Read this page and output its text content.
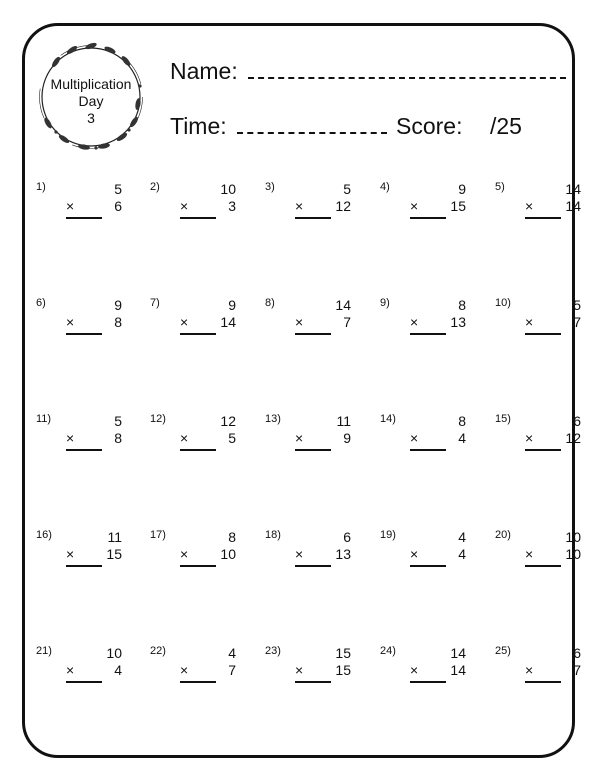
Multiplication
Day
3
Name:
Time:	Score: /25
1)	5
×	6
2)	10
×	3
3)	5
× 12
4)	9
× 15
5)	14
× 14
6)	9
×	8
7)	9
× 14
8)	14
×	7
9)	8
× 13
10)	5
×	7
11)	5
×	8
12)	12
×	5
13)	11
×	9
14)	8
×	4
15)	6
× 12
16)	11
× 15
17)	8
× 10
18)	6
× 13
19)	4
×	4
20)	10
× 10
21)	10
×	4
22)	4
×	7
23)	15
× 15
24)	14
× 14
25)	6
×	7
